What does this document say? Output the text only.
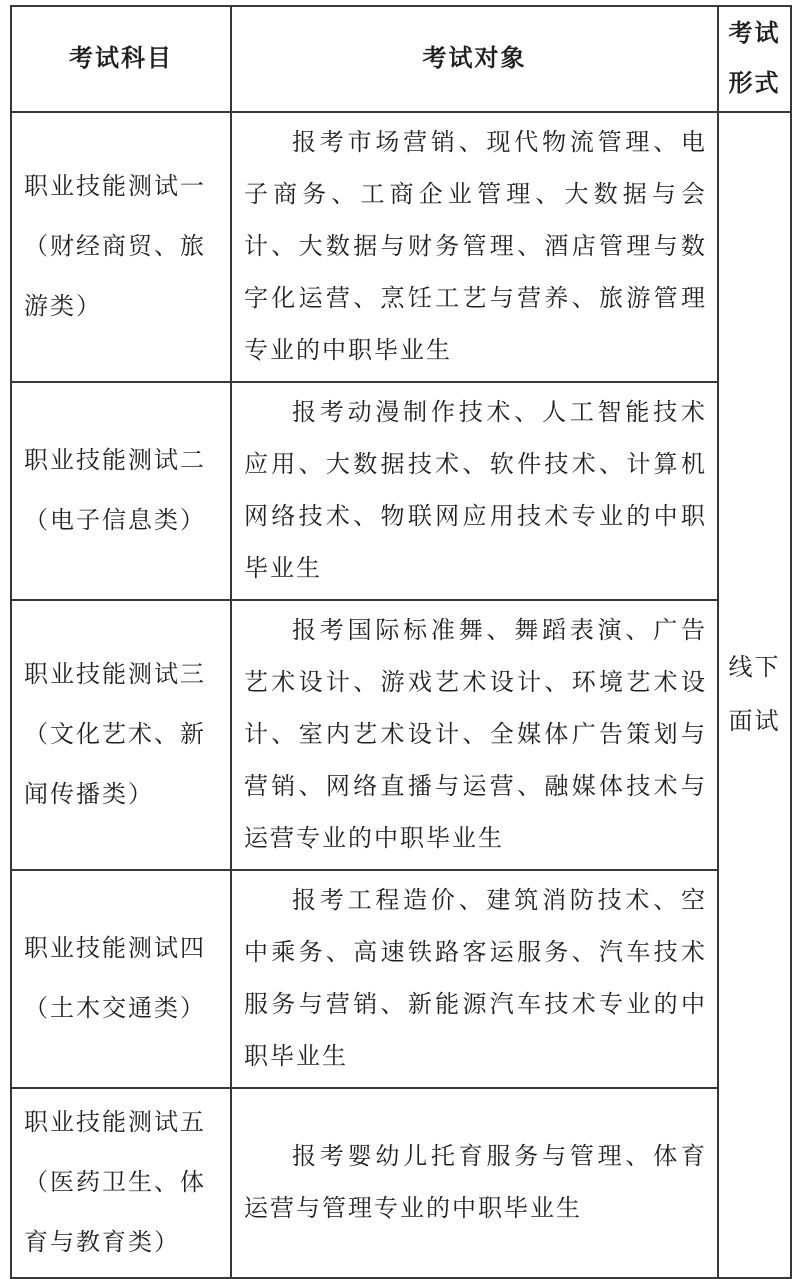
考试科目	考试对象	考试形式
职业技能测试一（财经商贸、旅游类）	报考市场营销、现代物流管理、电子商务、工商企业管理、大数据与会计、大数据与财务管理、酒店管理与数字化运营、烹饪工艺与营养、旅游管理专业的中职毕业生	线下面试
职业技能测试二（电子信息类）	报考动漫制作技术、人工智能技术应用、大数据技术、软件技术、计算机网络技术、物联网应用技术专业的中职毕业生	
职业技能测试三（文化艺术、新闻传播类）	报考国际标准舞、舞蹈表演、广告艺术设计、游戏艺术设计、环境艺术设计、室内艺术设计、全媒体广告策划与营销、网络直播与运营、融媒体技术与运营专业的中职毕业生	
职业技能测试四（土木交通类）	报考工程造价、建筑消防技术、空中乘务、高速铁路客运服务、汽车技术服务与营销、新能源汽车技术专业的中职毕业生	
职业技能测试五（医药卫生、体育与教育类）	报考婴幼儿托育服务与管理、体育运营与管理专业的中职毕业生	
